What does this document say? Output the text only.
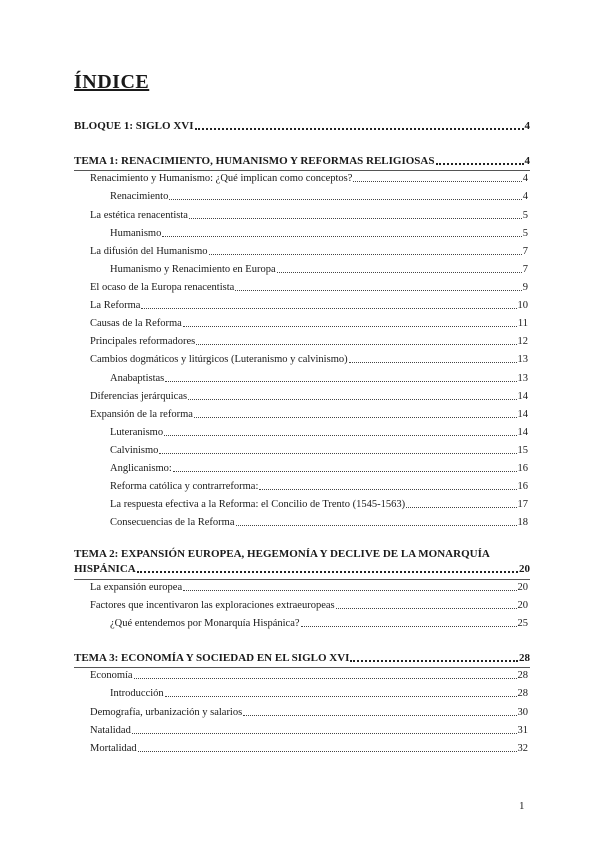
ÍNDICE
BLOQUE 1: SIGLO XVI	4
TEMA 1: RENACIMIENTO, HUMANISMO Y REFORMAS RELIGIOSAS	4
Renacimiento y Humanismo: ¿Qué implican como conceptos?	4
Renacimiento	4
La estética renacentista	5
Humanismo	5
La difusión del Humanismo	7
Humanismo y Renacimiento en Europa	7
El ocaso de la Europa renacentista	9
La Reforma	10
Causas de la Reforma	11
Principales reformadores	12
Cambios dogmáticos y litúrgicos (Luteranismo y calvinismo)	13
Anabaptistas	13
Diferencias jerárquicas	14
Expansión de la reforma	14
Luteranismo	14
Calvinismo	15
Anglicanismo:	16
Reforma católica y contrarreforma:	16
La respuesta efectiva a la Reforma: el Concilio de Trento (1545-1563)	17
Consecuencias de la Reforma	18
TEMA 2: EXPANSIÓN EUROPEA, HEGEMONÍA Y DECLIVE DE LA MONARQUÍA
HISPÁNICA	20
La expansión europea	20
Factores que incentivaron las exploraciones extraeuropeas	20
¿Qué entendemos por Monarquía Hispánica?	25
TEMA 3: ECONOMÍA Y SOCIEDAD EN EL SIGLO XVI	28
Economía	28
Introducción	28
Demografía, urbanización y salarios	30
Natalidad	31
Mortalidad	32
1
